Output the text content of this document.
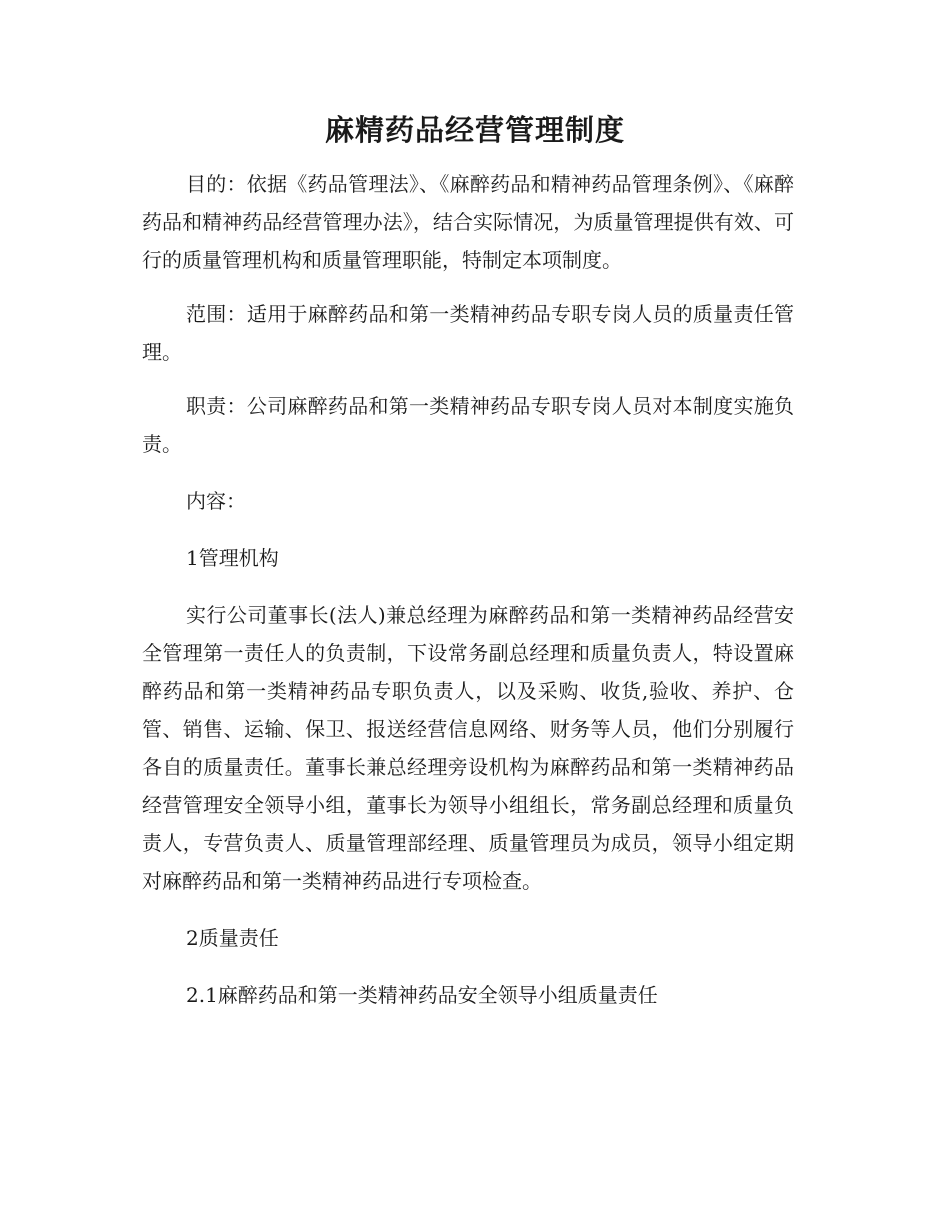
麻精药品经营管理制度

目的：依据《药品管理法》、《麻醉药品和精神药品管理条例》、《麻醉药品和精神药品经营管理办法》，结合实际情况，为质量管理提供有效、可行的质量管理机构和质量管理职能，特制定本项制度。

范围：适用于麻醉药品和第一类精神药品专职专岗人员的质量责任管理。

职责：公司麻醉药品和第一类精神药品专职专岗人员对本制度实施负责。

内容：

1管理机构

实行公司董事长(法人)兼总经理为麻醉药品和第一类精神药品经营安全管理第一责任人的负责制，下设常务副总经理和质量负责人，特设置麻醉药品和第一类精神药品专职负责人，以及采购、收货,验收、养护、仓管、销售、运输、保卫、报送经营信息网络、财务等人员，他们分别履行各自的质量责任。董事长兼总经理旁设机构为麻醉药品和第一类精神药品经营管理安全领导小组，董事长为领导小组组长，常务副总经理和质量负责人，专营负责人、质量管理部经理、质量管理员为成员，领导小组定期对麻醉药品和第一类精神药品进行专项检查。

2质量责任

2.1麻醉药品和第一类精神药品安全领导小组质量责任
